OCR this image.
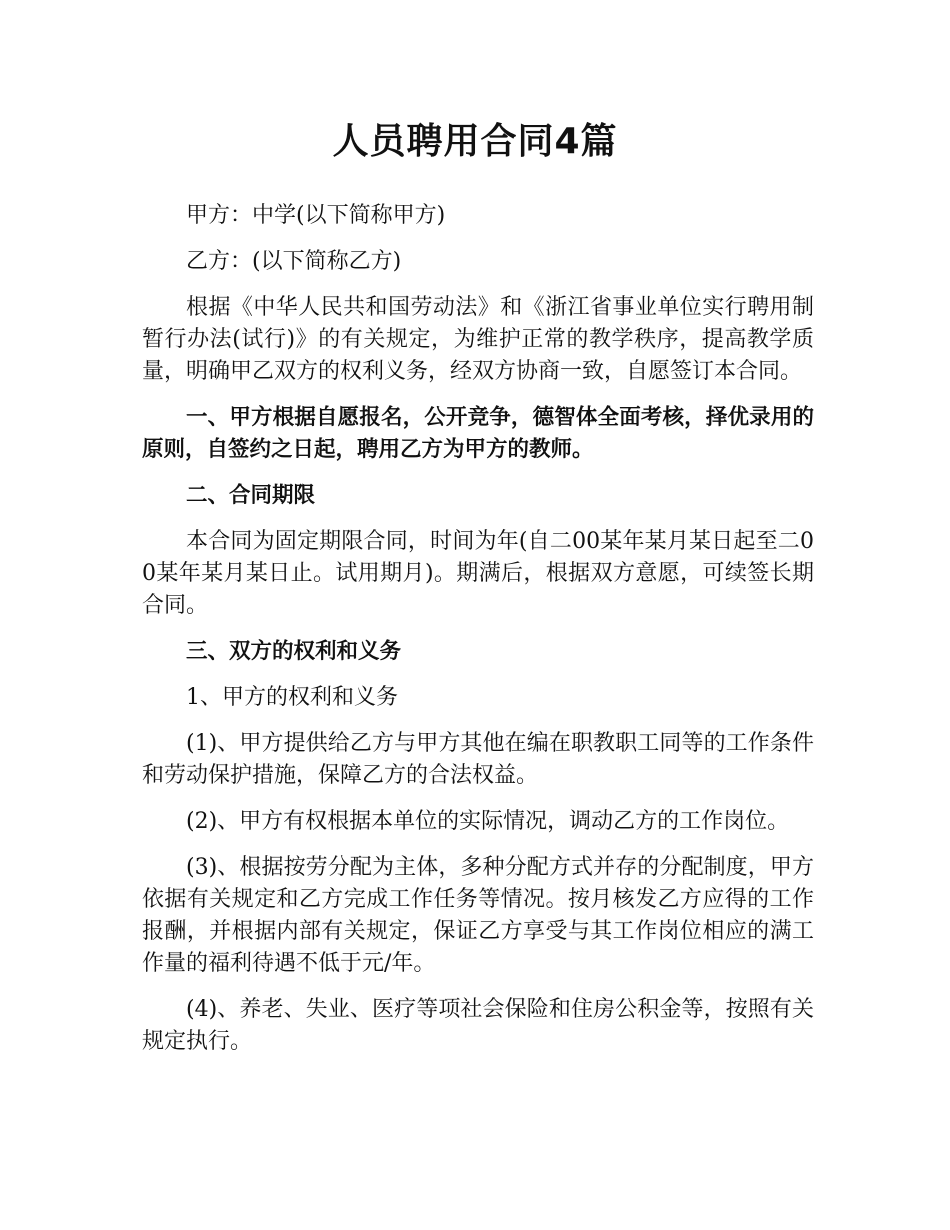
人员聘用合同4篇

甲方：中学(以下简称甲方)

乙方：(以下简称乙方)

根据《中华人民共和国劳动法》和《浙江省事业单位实行聘用制暂行办法(试行)》的有关规定，为维护正常的教学秩序，提高教学质量，明确甲乙双方的权利义务，经双方协商一致，自愿签订本合同。

一、甲方根据自愿报名，公开竞争，德智体全面考核，择优录用的原则，自签约之日起，聘用乙方为甲方的教师。

二、合同期限

本合同为固定期限合同，时间为年(自二00某年某月某日起至二00某年某月某日止。试用期月)。期满后，根据双方意愿，可续签长期合同。

三、双方的权利和义务

1、甲方的权利和义务

(1)、甲方提供给乙方与甲方其他在编在职教职工同等的工作条件和劳动保护措施，保障乙方的合法权益。

(2)、甲方有权根据本单位的实际情况，调动乙方的工作岗位。

(3)、根据按劳分配为主体，多种分配方式并存的分配制度，甲方依据有关规定和乙方完成工作任务等情况。按月核发乙方应得的工作报酬，并根据内部有关规定，保证乙方享受与其工作岗位相应的满工作量的福利待遇不低于元/年。

(4)、养老、失业、医疗等项社会保险和住房公积金等，按照有关规定执行。
